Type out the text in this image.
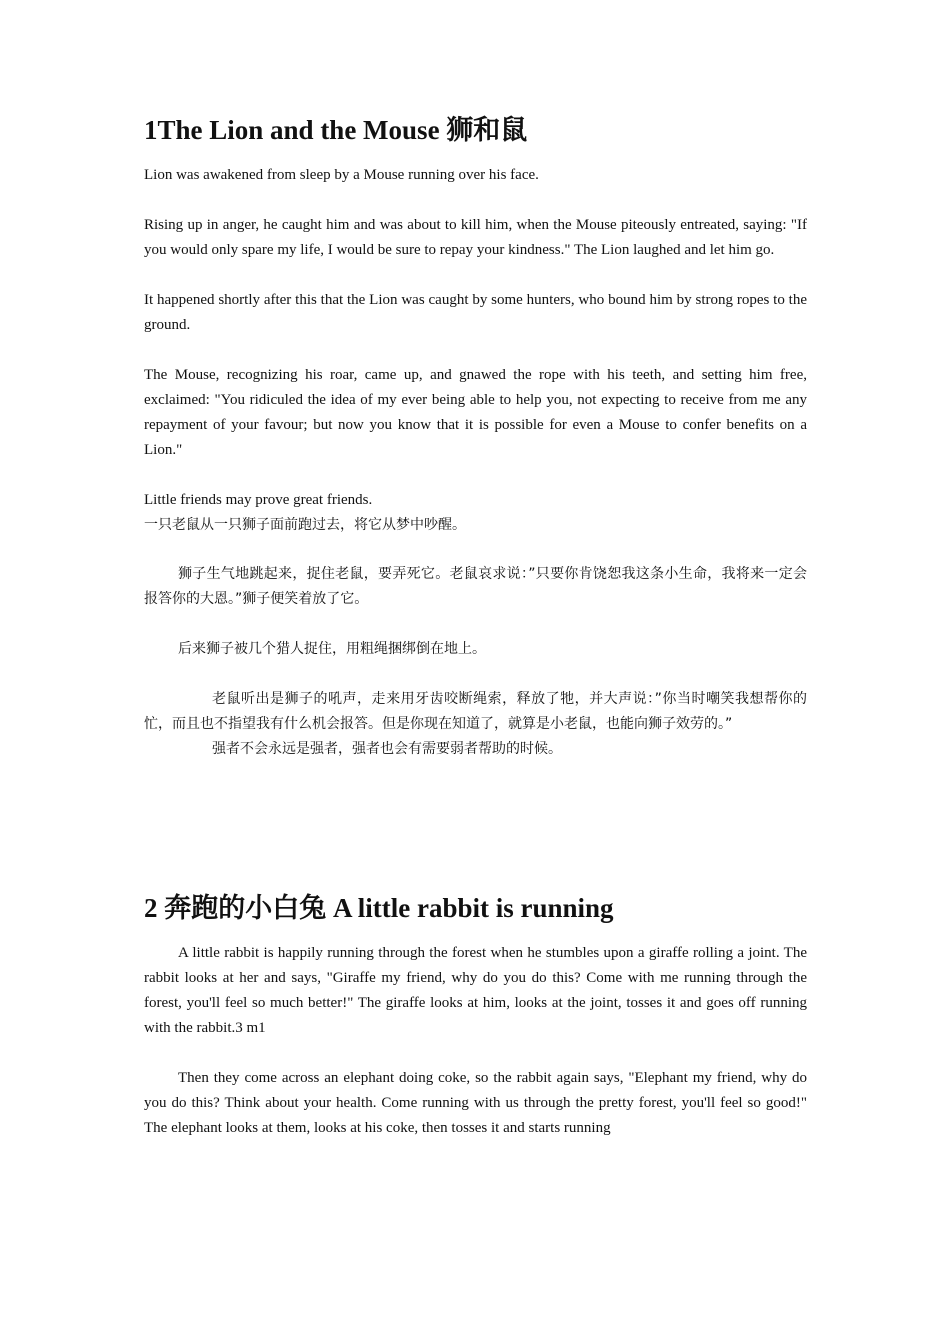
1The Lion and the Mouse 狮和鼠

Lion was awakened from sleep by a Mouse running over his face.

Rising up in anger, he caught him and was about to kill him, when the Mouse piteously entreated, saying: "If you would only spare my life, I would be sure to repay your kindness." The Lion laughed and let him go.

It happened shortly after this that the Lion was caught by some hunters, who bound him by strong ropes to the ground.

The Mouse, recognizing his roar, came up, and gnawed the rope with his teeth, and setting him free, exclaimed: "You ridiculed the idea of my ever being able to help you, not expecting to receive from me any repayment of your favour; but now you know that it is possible for even a Mouse to confer benefits on a Lion."

Little friends may prove great friends.

一只老鼠从一只狮子面前跑过去，将它从梦中吵醒。

狮子生气地跳起来，捉住老鼠，要弄死它。老鼠哀求说：”只要你肯饶恕我这条小生命，我将来一定会报答你的大恩。”狮子便笑着放了它。

后来狮子被几个猎人捉住，用粗绳捆绑倒在地上。

老鼠听出是狮子的吼声，走来用牙齿咬断绳索，释放了牠，并大声说：”你当时嘲笑我想帮你的忙，而且也不指望我有什么机会报答。但是你现在知道了，就算是小老鼠，也能向狮子效劳的。”

强者不会永远是强者，强者也会有需要弱者帮助的时候。

2 奔跑的小白兔 A little rabbit is running

A little rabbit is happily running through the forest when he stumbles upon a giraffe rolling a joint. The rabbit looks at her and says, "Giraffe my friend, why do you do this? Come with me running through the forest, you'll feel so much better!" The giraffe looks at him, looks at the joint, tosses it and goes off running with the rabbit.3 m1

Then they come across an elephant doing coke, so the rabbit again says, "Elephant my friend, why do you do this? Think about your health. Come running with us through the pretty forest, you'll feel so good!" The elephant looks at them, looks at his coke, then tosses it and starts running
